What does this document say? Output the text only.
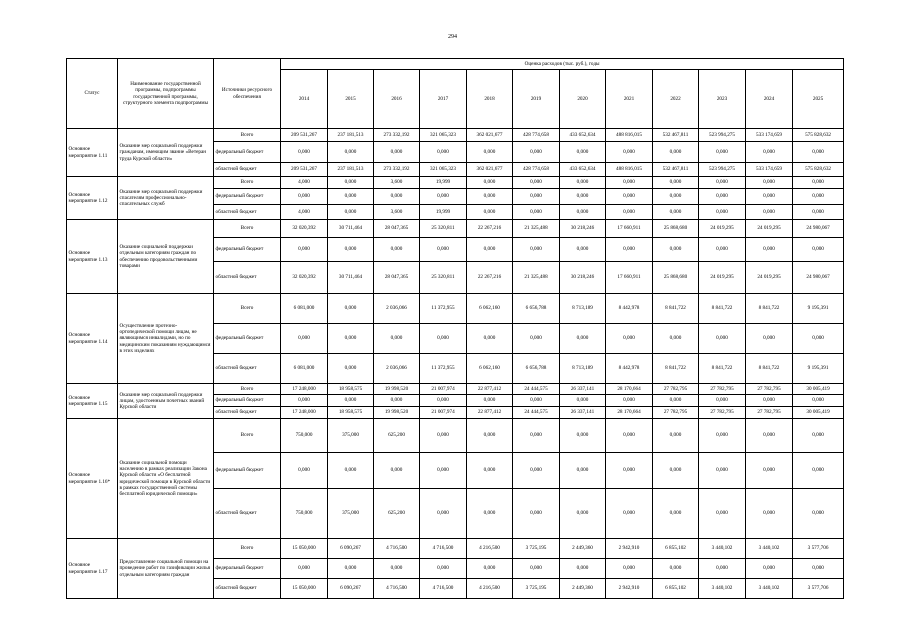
294
Статус	Наименование государственной программы, подпрограммы государственной программы, структурного элемента подпрограммы	Источники ресурсного обеспечения	Оценка расходов (тыс. руб.), годы											
			2014	2015	2016	2017	2018	2019	2020	2021	2022	2023	2024	2025
Основное мероприятие 1.11	Оказание мер социальной поддержки гражданам, имеющим звание «Ветеран труда Курской области»	Всего	209 531,267	237 181,513	273 332,192	321 065,323	362 021,677	428 774,658	433 652,634	488 816,015	532 467,811	523 994,275	533 174,659	575 828,632
		федеральный бюджет	0,000	0,000	0,000	0,000	0,000	0,000	0,000	0,000	0,000	0,000	0,000	0,000
		областной бюджет	209 531,267	237 181,513	273 332,192	321 065,323	362 021,677	428 774,658	433 652,634	488 816,015	532 467,811	523 994,275	533 174,659	575 828,632
Основное мероприятие 1.12	Оказание мер социальной поддержки спасателям профессионально-спасательных служб	Всего	4,000	0,000	3,600	19,999	0,000	0,000	0,000	0,000	0,000	0,000	0,000	0,000
		федеральный бюджет	0,000	0,000	0,000	0,000	0,000	0,000	0,000	0,000	0,000	0,000	0,000	0,000
		областной бюджет	4,000	0,000	3,600	19,999	0,000	0,000	0,000	0,000	0,000	0,000	0,000	0,000
Основное мероприятие 1.13	Оказание социальной поддержки отдельным категориям граждан по обеспечению продовольственными товарами	Всего	32 020,392	30 711,464	28 047,365	25 320,811	22 267,216	21 325,488	30 218,246	17 660,911	25 868,680	24 019,295	24 019,295	24 980,067
		федеральный бюджет	0,000	0,000	0,000	0,000	0,000	0,000	0,000	0,000	0,000	0,000	0,000	0,000
		областной бюджет	32 020,392	30 711,464	28 047,365	25 320,811	22 267,216	21 325,488	30 218,246	17 660,911	25 868,680	24 019,295	24 019,295	24 980,067
Основное мероприятие 1.14	Осуществление протезно-ортопедической помощи лицам, не являющимся инвалидами, но по медицинским показаниям нуждающимся в этих изделиях	Всего	6 081,000	0,000	2 036,066	11 372,955	6 062,160	6 656,788	8 713,189	8 442,978	8 841,722	8 841,722	8 841,722	9 195,391
		федеральный бюджет	0,000	0,000	0,000	0,000	0,000	0,000	0,000	0,000	0,000	0,000	0,000	0,000
		областной бюджет	6 081,000	0,000	2 036,066	11 372,955	6 062,160	6 656,788	8 713,189	8 442,978	8 841,722	8 841,722	8 841,722	9 195,391
Основное мероприятие 1.15	Оказание мер социальной поддержки лицам, удостоенным почетных званий Курской области	Всего	17 248,000	18 958,575	19 998,520	21 007,974	22 877,412	24 444,575	26 337,141	28 170,664	27 782,795	27 782,795	27 782,795	30 005,419
		федеральный бюджет	0,000	0,000	0,000	0,000	0,000	0,000	0,000	0,000	0,000	0,000	0,000	0,000
		областной бюджет	17 248,000	18 958,575	19 998,520	21 007,974	22 877,412	24 444,575	26 337,141	28 170,664	27 782,795	27 782,795	27 782,795	30 005,419
Основное мероприятие 1.16*	Оказание социальной помощи населению в рамках реализации Закона Курской области «О бесплатной юридической помощи в Курской области в рамках государственной системы бесплатной юридической помощи»	Всего	750,000	375,000	625,200	0,000	0,000	0,000	0,000	0,000	0,000	0,000	0,000	0,000
		федеральный бюджет	0,000	0,000	0,000	0,000	0,000	0,000	0,000	0,000	0,000	0,000	0,000	0,000
		областной бюджет	750,000	375,000	625,200	0,000	0,000	0,000	0,000	0,000	0,000	0,000	0,000	0,000
Основное мероприятие 1.17	Предоставление социальной помощи на проведение работ по газификации жилья отдельным категориям граждан	Всего	15 050,000	6 090,267	4 716,500	4 716,500	4 216,500	3 725,195	2 449,360	2 942,910	6 855,102	3 440,102	3 440,102	3 577,706
		федеральный бюджет	0,000	0,000	0,000	0,000	0,000	0,000	0,000	0,000	0,000	0,000	0,000	0,000
		областной бюджет	15 050,000	6 090,267	4 716,500	4 716,500	4 216,500	3 725,195	2 449,360	2 942,910	6 855,102	3 440,102	3 440,102	3 577,706
